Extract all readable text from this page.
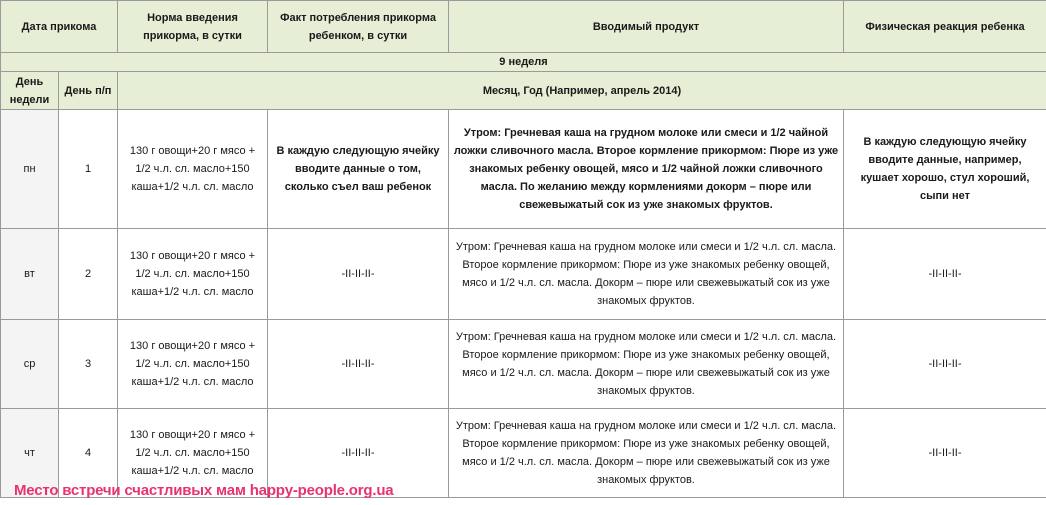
Дата прикома		Норма введения прикорма, в сутки	Факт потребления прикорма ребенком, в сутки	Вводимый продукт	Физическая реакция ребенка
9 неделя					
День недели	День п/п	Месяц, Год (Например, апрель 2014)			
пн	1	130 г овощи+20 г мясо + 1/2 ч.л. сл. масло+150 каша+1/2 ч.л. сл. масло	В каждую следующую ячейку вводите данные о том, сколько съел ваш ребенок	Утром: Гречневая каша на грудном молоке или смеси и 1/2 чайной ложки сливочного масла. Второе кормление прикормом: Пюре из уже знакомых ребенку овощей, мясо и 1/2 чайной ложки сливочного масла. По желанию между кормлениями докорм – пюре или свежевыжатый сок из уже знакомых фруктов.	В каждую следующую ячейку вводите данные, например, кушает хорошо, стул хороший, сыпи нет
вт	2	130 г овощи+20 г мясо + 1/2 ч.л. сл. масло+150 каша+1/2 ч.л. сл. масло	-II-II-II-	Утром: Гречневая каша на грудном молоке или смеси и 1/2 ч.л. сл. масла. Второе кормление прикормом: Пюре из уже знакомых ребенку овощей, мясо и 1/2 ч.л. сл. масла. Докорм – пюре или свежевыжатый сок из уже знакомых фруктов.	-II-II-II-
ср	3	130 г овощи+20 г мясо + 1/2 ч.л. сл. масло+150 каша+1/2 ч.л. сл. масло	-II-II-II-	Утром: Гречневая каша на грудном молоке или смеси и 1/2 ч.л. сл. масла. Второе кормление прикормом: Пюре из уже знакомых ребенку овощей, мясо и 1/2 ч.л. сл. масла. Докорм – пюре или свежевыжатый сок из уже знакомых фруктов.	-II-II-II-
чт	4	130 г овощи+20 г мясо + 1/2 ч.л. сл. масло+150 каша+1/2 ч.л. сл. масло	-II-II-II-	Утром: Гречневая каша на грудном молоке или смеси и 1/2 ч.л. сл. масла. Второе кормление прикормом: Пюре из уже знакомых ребенку овощей, мясо и 1/2 ч.л. сл. масла. Докорм – пюре или свежевыжатый сок из уже знакомых фруктов.	-II-II-II-
Место встречи счастливых мам happy-people.org.ua
